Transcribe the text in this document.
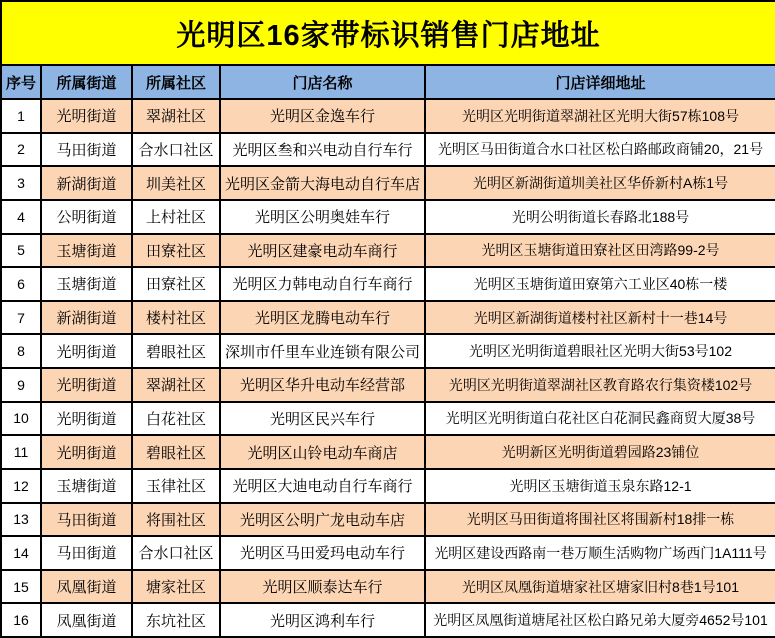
光明区16家带标识销售门店地址				
序号	所属街道	所属社区	门店名称	门店详细地址
1	光明街道	翠湖社区	光明区金逸车行	光明区光明街道翠湖社区光明大街57栋108号
2	马田街道	合水口社区	光明区叁和兴电动自行车行	光明区马田街道合水口社区松白路邮政商铺20，21号
3	新湖街道	圳美社区	光明区金箭大海电动自行车店	光明区新湖街道圳美社区华侨新村A栋1号
4	公明街道	上村社区	光明区公明奥娃车行	光明公明街道长春路北188号
5	玉塘街道	田寮社区	光明区建豪电动车商行	光明区玉塘街道田寮社区田湾路99-2号
6	玉塘街道	田寮社区	光明区力韩电动自行车商行	光明区玉塘街道田寮第六工业区40栋一楼
7	新湖街道	楼村社区	光明区龙腾电动车行	光明区新湖街道楼村社区新村十一巷14号
8	光明街道	碧眼社区	深圳市仟里车业连锁有限公司	光明区光明街道碧眼社区光明大街53号102
9	光明街道	翠湖社区	光明区华升电动车经营部	光明区光明街道翠湖社区教育路农行集资楼102号
10	光明街道	白花社区	光明区民兴车行	光明区光明街道白花社区白花洞民鑫商贸大厦38号
11	光明街道	碧眼社区	光明区山铃电动车商店	光明新区光明街道碧园路23铺位
12	玉塘街道	玉律社区	光明区大迪电动自行车商行	光明区玉塘街道玉泉东路12-1
13	马田街道	将围社区	光明区公明广龙电动车店	光明区马田街道将围社区将围新村18排一栋
14	马田街道	合水口社区	光明区马田爱玛电动车行	光明区建设西路南一巷万顺生活购物广场西门1A111号
15	凤凰街道	塘家社区	光明区顺泰达车行	光明区凤凰街道塘家社区塘家旧村8巷1号101
16	凤凰街道	东坑社区	光明区鸿利车行	光明区凤凰街道塘尾社区松白路兄弟大厦旁4652号101
